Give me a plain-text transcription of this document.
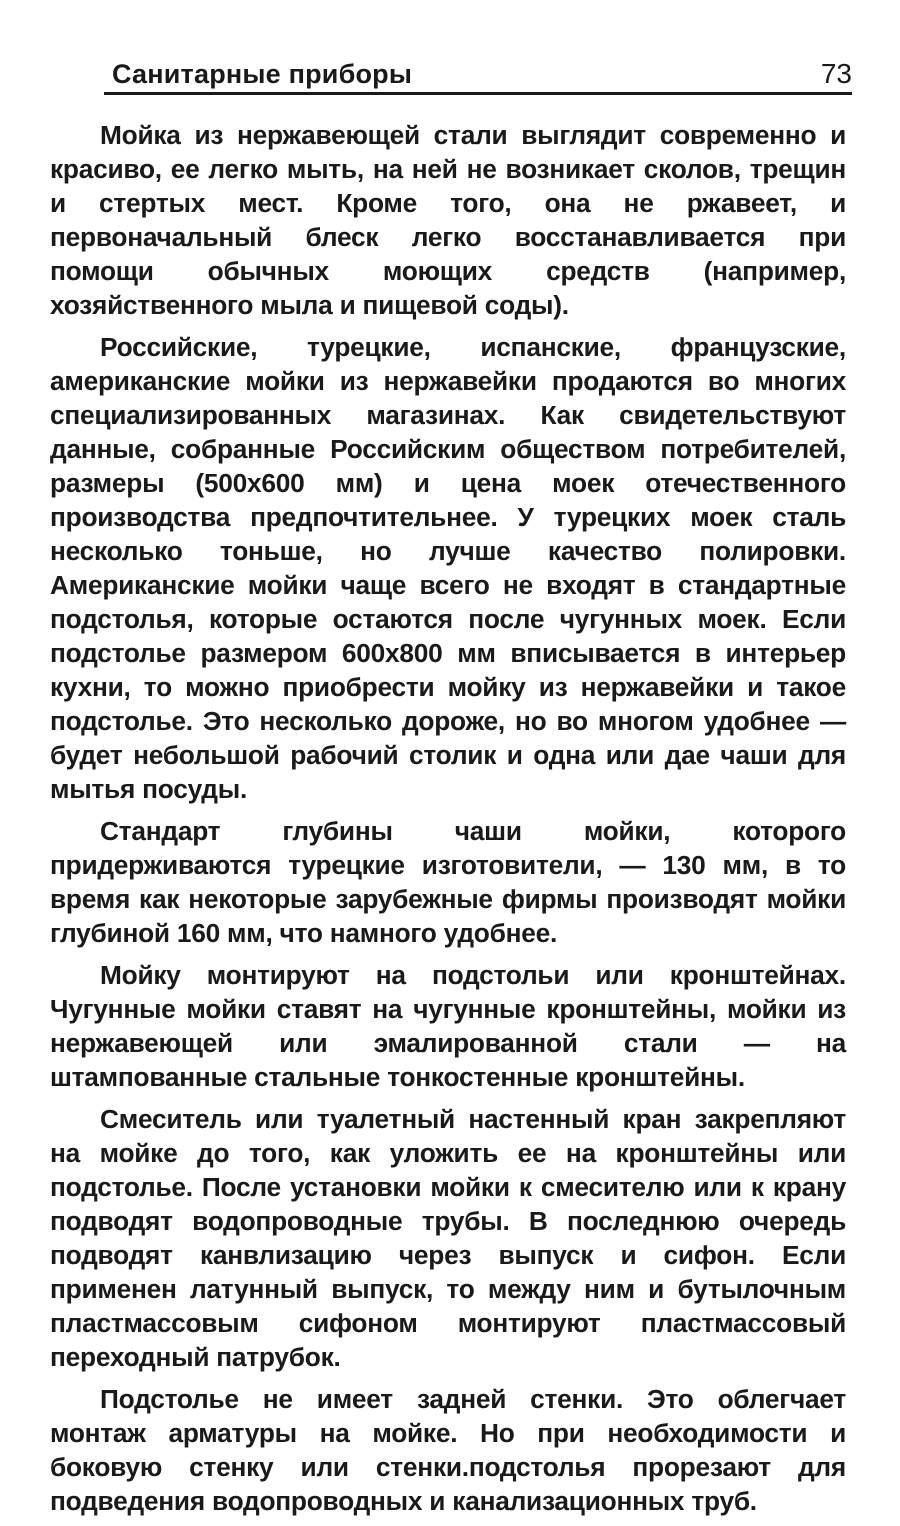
Санитарные приборы	73

Мойка из нержавеющей стали выглядит современно и красиво, ее легко мыть, на ней не возникает сколов, трещин и стертых мест. Кроме того, она не ржавеет, и первоначальный блеск легко восстанавливается при помощи обычных моющих средств (например, хозяйственного мыла и пищевой соды).

Российские, турецкие, испанские, французские, американские мойки из нержавейки продаются во многих специализированных магазинах. Как свидетельствуют данные, собранные Российским обществом потребителей, размеры (500х600 мм) и цена моек отечественного производства предпочтительнее. У турецких моек сталь несколько тоньше, но лучше качество полировки. Американские мойки чаще всего не входят в стандартные подстолья, которые остаются после чугунных моек. Если подстолье размером 600х800 мм вписывается в интерьер кухни, то можно приобрести мойку из нержавейки и такое подстолье. Это несколько дороже, но во многом удобнее — будет небольшой рабочий столик и одна или дае чаши для мытья посуды.

Стандарт глубины чаши мойки, которого придерживаются турецкие изготовители, — 130 мм, в то время как некоторые зарубежные фирмы производят мойки глубиной 160 мм, что намного удобнее.

Мойку монтируют на подстольи или кронштейнах. Чугунные мойки ставят на чугунные кронштейны, мойки из нержавеющей или эмалированной стали — на штампованные стальные тонкостенные кронштейны.

Смеситель или туалетный настенный кран закрепляют на мойке до того, как уложить ее на кронштейны или подстолье. После установки мойки к смесителю или к крану подводят водопроводные трубы. В последнюю очередь подводят канвлизацию через выпуск и сифон. Если применен латунный выпуск, то между ним и бутылочным пластмассовым сифоном монтируют пластмассовый переходный патрубок.

Подстолье не имеет задней стенки. Это облегчает монтаж арматуры на мойке. Но при необходимости и боковую стенку или стенки.подстолья прорезают для подведения водопроводных и канализационных труб.
